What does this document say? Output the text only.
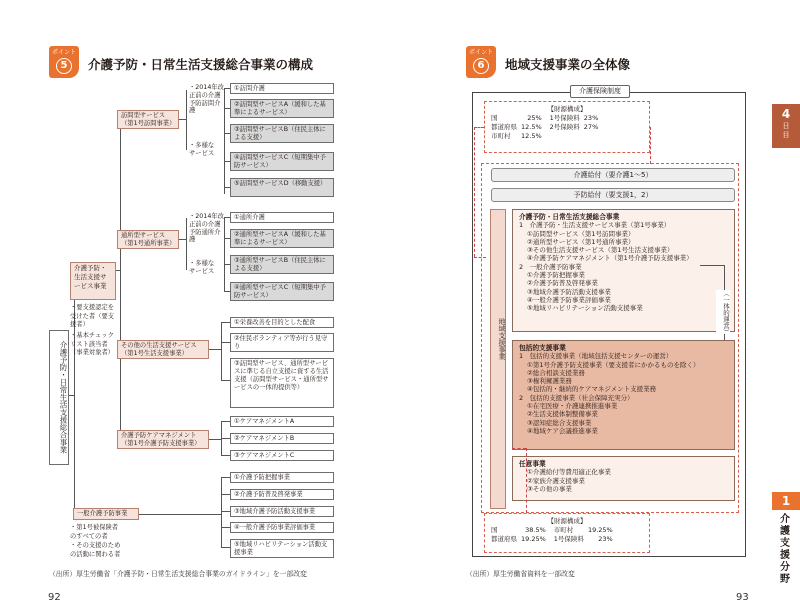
ポイント
5	介護予防・日常生活支援総合事業の構成
介護予防・日常生活支援総合事業
介護予防・生活支援サービス事業
・要支援認定を受けた者（要支援者）
・基本チェックリスト該当者（事業対象者）
一般介護予防事業
・第1号被保険者のすべての者
・その支援のための活動に関わる者
訪問型サービス（第1号訪問事業）
通所型サービス（第1号通所事業）
その他の生活支援サービス（第1号生活支援事業）
介護予防ケアマネジメント（第1号介護予防支援事業）
・2014年改正前の介護予防訪問介護
・多様なサービス
①訪問介護
②訪問型サービスA（緩和した基準によるサービス）
③訪問型サービスB（住民主体による支援）
④訪問型サービスC（短期集中予防サービス）
⑤訪問型サービスD（移動支援）
・2014年改正前の介護予防通所介護
・多様なサービス
①通所介護
②通所型サービスA（緩和した基準によるサービス）
③通所型サービスB（住民主体による支援）
④通所型サービスC（短期集中予防サービス）
①栄養改善を目的とした配食
②住民ボランティア等が行う見守り
③訪問型サービス、通所型サービスに準じる自立支援に資する生活支援（訪問型サービス・通所型サービスの一体的提供等）
①ケアマネジメントA
②ケアマネジメントB
③ケアマネジメントC
①介護予防把握事業
②介護予防普及啓発事業
③地域介護予防活動支援事業
④一般介護予防事業評価事業
⑤地域リハビリテーション活動支援事業
（出所）厚生労働省「介護予防・日常生活支援総合事業のガイドライン」を一部改変
92
ポイント
6	地域支援事業の全体像
介護保険制度
【財源構成】
国	25%	1号保険料	23%
都道府県	12.5%	2号保険料	27%
市町村	12.5%		
介護給付（要介護1～5）
予防給付（要支援1，2）
地域支援事業
介護予防・日常生活支援総合事業
1　介護予防・生活支援サービス事業（第1号事業）
①訪問型サービス（第1号訪問事業）
②通所型サービス（第1号通所事業）
③その他生活支援サービス（第1号生活支援事業）
④介護予防ケアマネジメント（第1号介護予防支援事業）
2　一般介護予防事業
①介護予防把握事業
②介護予防普及啓発事業
③地域介護予防活動支援事業
④一般介護予防事業評価事業
⑤地域リハビリテーション活動支援事業	（一体的運営）
包括的支援事業
1　包括的支援事業（地域包括支援センターの運営）
①第1号介護予防支援事業（要支援者にかかるものを除く）
②総合相談支援業務
③権利擁護業務
④包括的・継続的ケアマネジメント支援業務
2　包括的支援事業（社会保障充実分）
①在宅医療・介護連携推進事業
②生活支援体制整備事業
③認知症総合支援事業
④地域ケア会議推進事業
任意事業
①介護給付等費用適正化事業
②家族介護支援事業
③その他の事業
【財源構成】
国	38.5%	市町村	19.25%
都道府県	19.25%	1号保険料	23%
（出所）厚生労働省資料を一部改変
93
4
日目
1
介護支援分野
